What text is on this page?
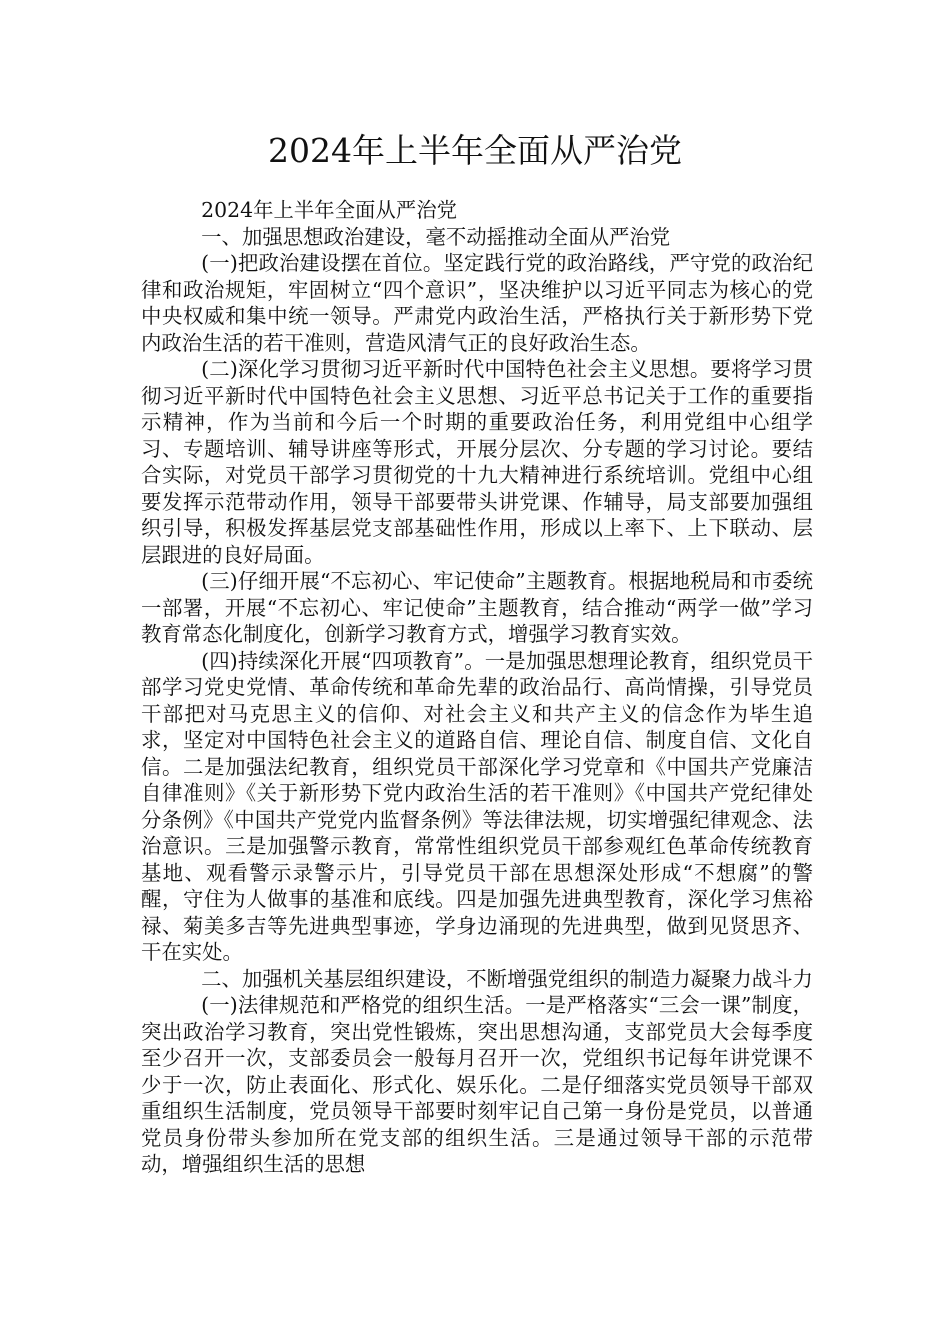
2024年上半年全面从严治党

2024年上半年全面从严治党

一、加强思想政治建设，毫不动摇推动全面从严治党

(一)把政治建设摆在首位。坚定践行党的政治路线，严守党的政治纪律和政治规矩，牢固树立“四个意识”，坚决维护以习近平同志为核心的党中央权威和集中统一领导。严肃党内政治生活，严格执行关于新形势下党内政治生活的若干准则，营造风清气正的良好政治生态。

(二)深化学习贯彻习近平新时代中国特色社会主义思想。要将学习贯彻习近平新时代中国特色社会主义思想、习近平总书记关于工作的重要指示精神，作为当前和今后一个时期的重要政治任务，利用党组中心组学习、专题培训、辅导讲座等形式，开展分层次、分专题的学习讨论。要结合实际，对党员干部学习贯彻党的十九大精神进行系统培训。党组中心组要发挥示范带动作用，领导干部要带头讲党课、作辅导，局支部要加强组织引导，积极发挥基层党支部基础性作用，形成以上率下、上下联动、层层跟进的良好局面。

(三)仔细开展“不忘初心、牢记使命”主题教育。根据地税局和市委统一部署，开展“不忘初心、牢记使命”主题教育，结合推动“两学一做”学习教育常态化制度化，创新学习教育方式，增强学习教育实效。

(四)持续深化开展“四项教育”。一是加强思想理论教育，组织党员干部学习党史党情、革命传统和革命先辈的政治品行、高尚情操，引导党员干部把对马克思主义的信仰、对社会主义和共产主义的信念作为毕生追求，坚定对中国特色社会主义的道路自信、理论自信、制度自信、文化自信。二是加强法纪教育，组织党员干部深化学习党章和《中国共产党廉洁自律准则》《关于新形势下党内政治生活的若干准则》《中国共产党纪律处分条例》《中国共产党党内监督条例》等法律法规，切实增强纪律观念、法治意识。三是加强警示教育，常常性组织党员干部参观红色革命传统教育基地、观看警示录警示片，引导党员干部在思想深处形成“不想腐”的警醒，守住为人做事的基准和底线。四是加强先进典型教育，深化学习焦裕禄、菊美多吉等先进典型事迹，学身边涌现的先进典型，做到见贤思齐、干在实处。

二、加强机关基层组织建设，不断增强党组织的制造力凝聚力战斗力

(一)法律规范和严格党的组织生活。一是严格落实“三会一课”制度，突出政治学习教育，突出党性锻炼，突出思想沟通，支部党员大会每季度至少召开一次，支部委员会一般每月召开一次，党组织书记每年讲党课不少于一次，防止表面化、形式化、娱乐化。二是仔细落实党员领导干部双重组织生活制度，党员领导干部要时刻牢记自己第一身份是党员，以普通党员身份带头参加所在党支部的组织生活。三是通过领导干部的示范带动，增强组织生活的思想
